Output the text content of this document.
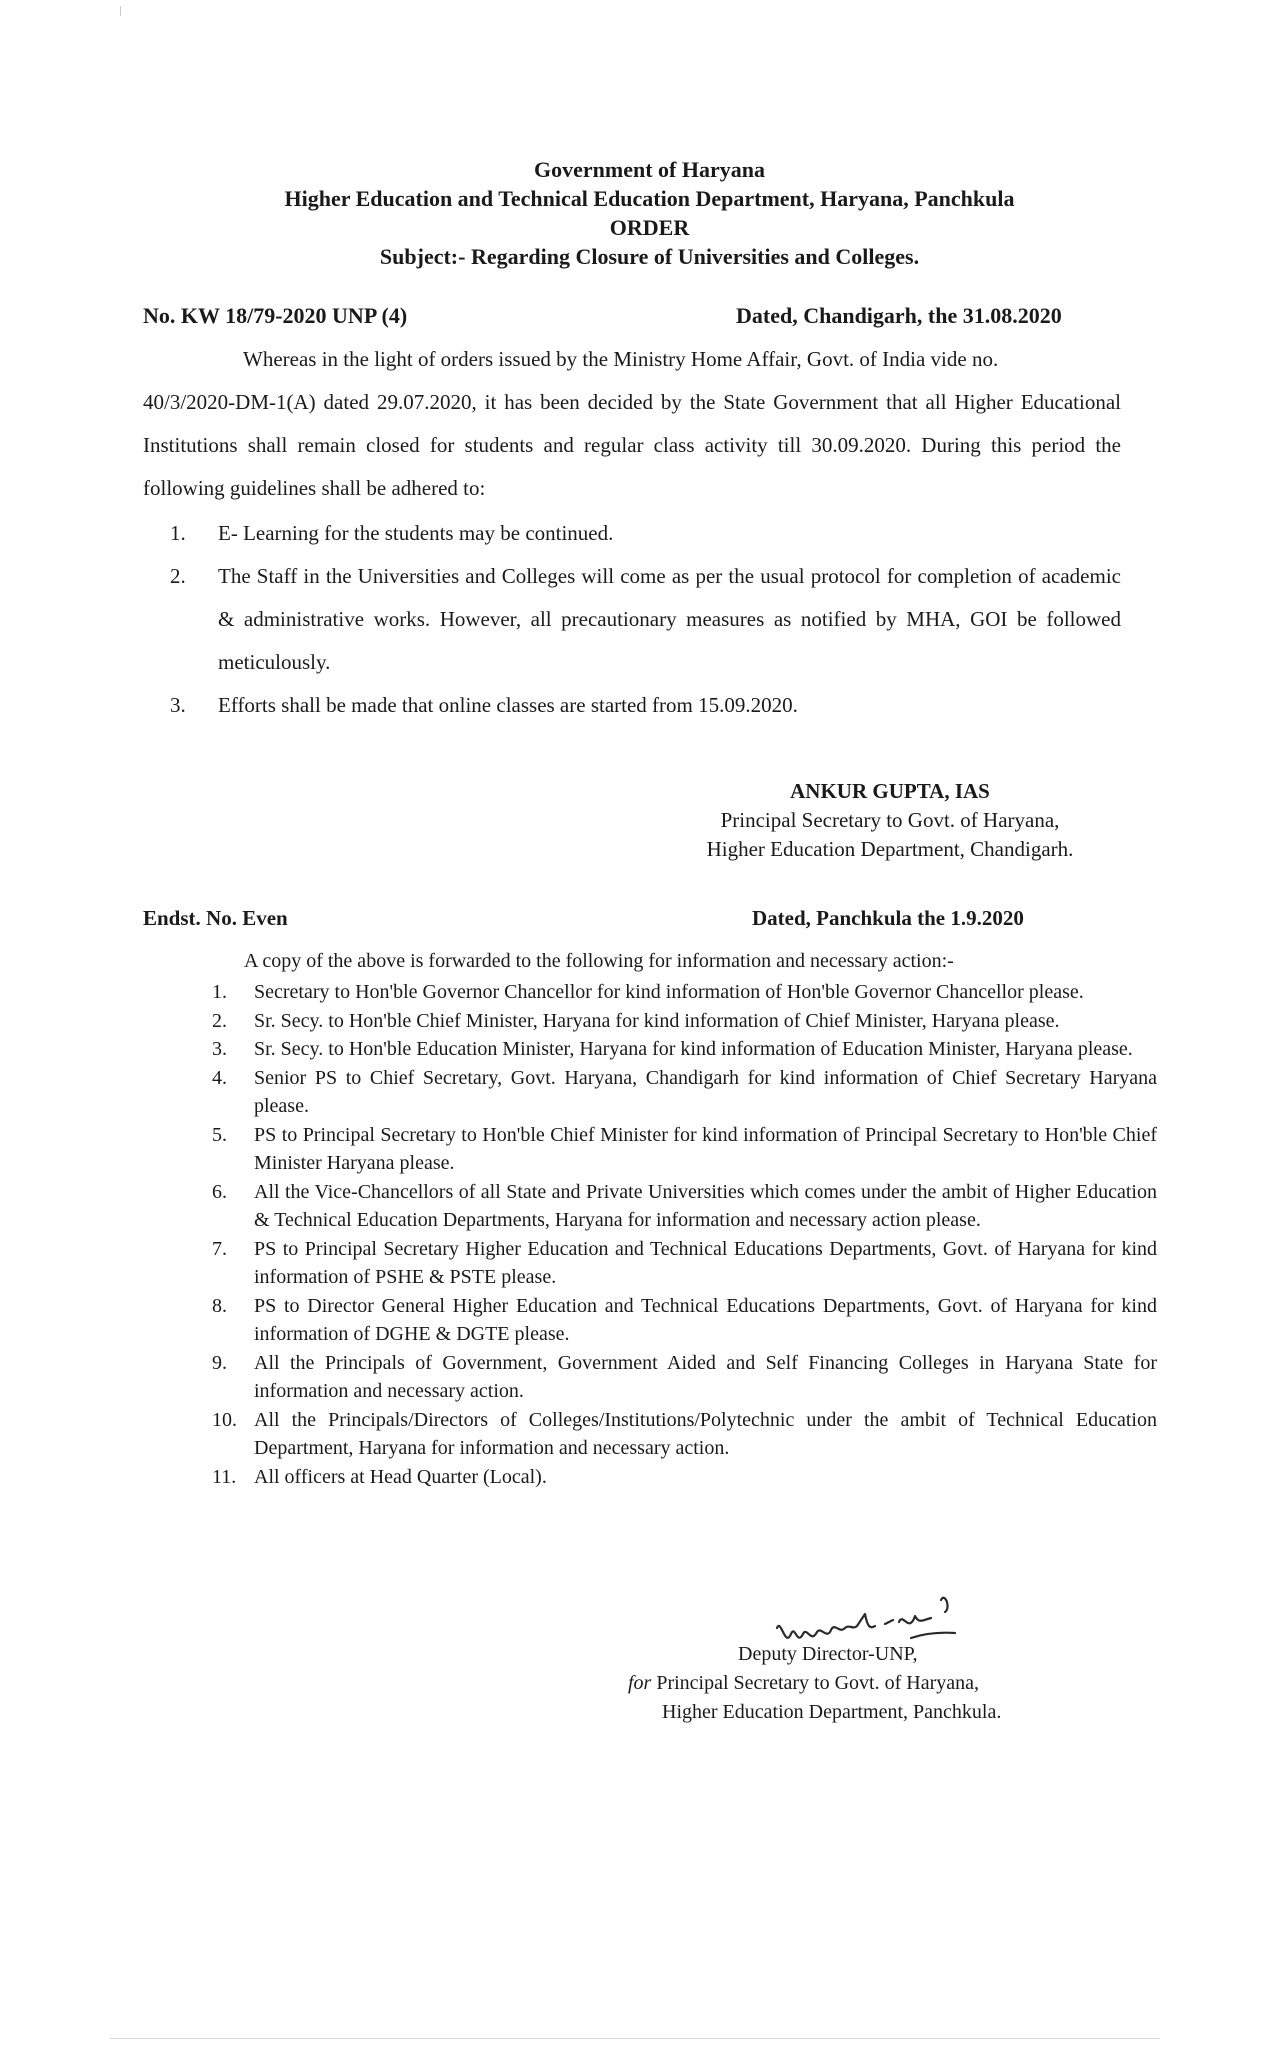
Government of Haryana
Higher Education and Technical Education Department, Haryana, Panchkula
ORDER
Subject:- Regarding Closure of Universities and Colleges.
No. KW 18/79-2020 UNP (4)	Dated, Chandigarh, the 31.08.2020
Whereas in the light of orders issued by the Ministry Home Affair, Govt. of India vide no.
40/3/2020-DM-1(A) dated 29.07.2020, it has been decided by the State Government that all Higher Educational Institutions shall remain closed for students and regular class activity till 30.09.2020. During this period the following guidelines shall be adhered to:
1.	E- Learning for the students may be continued.
2.	The Staff in the Universities and Colleges will come as per the usual protocol for completion of academic & administrative works. However, all precautionary measures as notified by MHA, GOI be followed meticulously.
3.	Efforts shall be made that online classes are started from 15.09.2020.
ANKUR GUPTA, IAS
Principal Secretary to Govt. of Haryana,
Higher Education Department, Chandigarh.
Endst. No. Even	Dated, Panchkula the 1.9.2020
A copy of the above is forwarded to the following for information and necessary action:-
1.	Secretary to Hon'ble Governor Chancellor for kind information of Hon'ble Governor Chancellor please.
2.	Sr. Secy. to Hon'ble Chief Minister, Haryana for kind information of Chief Minister, Haryana please.
3.	Sr. Secy. to Hon'ble Education Minister, Haryana for kind information of Education Minister, Haryana please.
4.	Senior PS to Chief Secretary, Govt. Haryana, Chandigarh for kind information of Chief Secretary Haryana please.
5.	PS to Principal Secretary to Hon'ble Chief Minister for kind information of Principal Secretary to Hon'ble Chief Minister Haryana please.
6.	All the Vice-Chancellors of all State and Private Universities which comes under the ambit of Higher Education & Technical Education Departments, Haryana for information and necessary action please.
7.	PS to Principal Secretary Higher Education and Technical Educations Departments, Govt. of Haryana for kind information of PSHE & PSTE please.
8.	PS to Director General Higher Education and Technical Educations Departments, Govt. of Haryana for kind information of DGHE & DGTE please.
9.	All the Principals of Government, Government Aided and Self Financing Colleges in Haryana State for information and necessary action.
10. All the Principals/Directors of Colleges/Institutions/Polytechnic under the ambit of Technical Education Department, Haryana for information and necessary action.
11. All officers at Head Quarter (Local).
Deputy Director-UNP,
for Principal Secretary to Govt. of Haryana,
Higher Education Department, Panchkula.
